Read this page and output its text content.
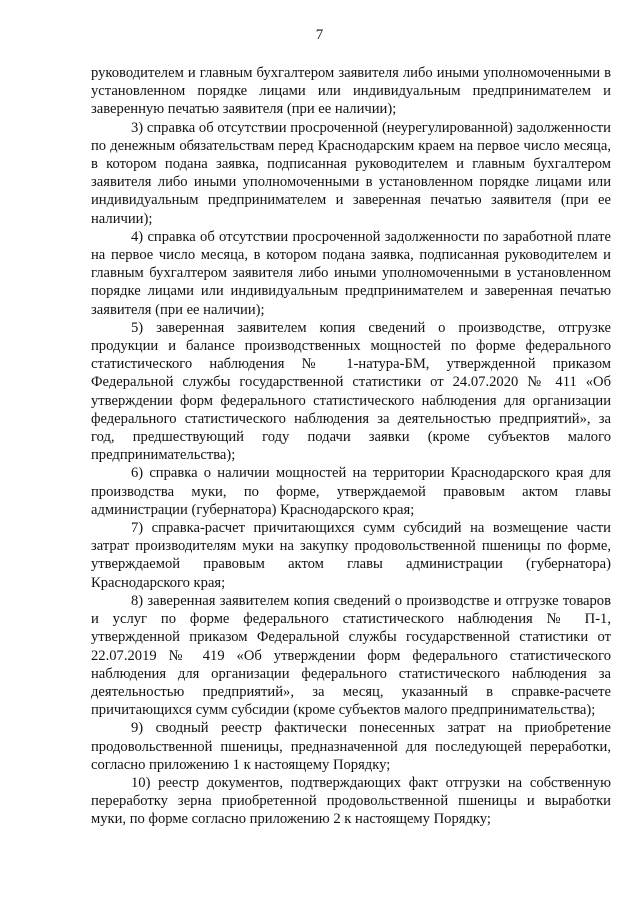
7

руководителем и главным бухгалтером заявителя либо иными уполномоченными в установленном порядке лицами или индивидуальным предпринимателем и заверенную печатью заявителя (при ее наличии);

3) справка об отсутствии просроченной (неурегулированной) задолженности по денежным обязательствам перед Краснодарским краем на первое число месяца, в котором подана заявка, подписанная руководителем и главным бухгалтером заявителя либо иными уполномоченными в установленном порядке лицами или индивидуальным предпринимателем и заверенная печатью заявителя (при ее наличии);

4) справка об отсутствии просроченной задолженности по заработной плате на первое число месяца, в котором подана заявка, подписанная руководителем и главным бухгалтером заявителя либо иными уполномоченными в установленном порядке лицами или индивидуальным предпринимателем и заверенная печатью заявителя (при ее наличии);

5) заверенная заявителем копия сведений о производстве, отгрузке продукции и балансе производственных мощностей по форме федерального статистического наблюдения № 1-натура-БМ, утвержденной приказом Федеральной службы государственной статистики от 24.07.2020 № 411 «Об утверждении форм федерального статистического наблюдения для организации федерального статистического наблюдения за деятельностью предприятий», за год, предшествующий году подачи заявки (кроме субъектов малого предпринимательства);

6) справка о наличии мощностей на территории Краснодарского края для производства муки, по форме, утверждаемой правовым актом главы администрации (губернатора) Краснодарского края;

7) справка-расчет причитающихся сумм субсидий на возмещение части затрат производителям муки на закупку продовольственной пшеницы по форме, утверждаемой правовым актом главы администрации (губернатора) Краснодарского края;

8) заверенная заявителем копия сведений о производстве и отгрузке товаров и услуг по форме федерального статистического наблюдения № П-1, утвержденной приказом Федеральной службы государственной статистики от 22.07.2019 № 419 «Об утверждении форм федерального статистического наблюдения для организации федерального статистического наблюдения за деятельностью предприятий», за месяц, указанный в справке-расчете причитающихся сумм субсидии (кроме субъектов малого предпринимательства);

9) сводный реестр фактически понесенных затрат на приобретение продовольственной пшеницы, предназначенной для последующей переработки, согласно приложению 1 к настоящему Порядку;

10) реестр документов, подтверждающих факт отгрузки на собственную переработку зерна приобретенной продовольственной пшеницы и выработки муки, по форме согласно приложению 2 к настоящему Порядку;
